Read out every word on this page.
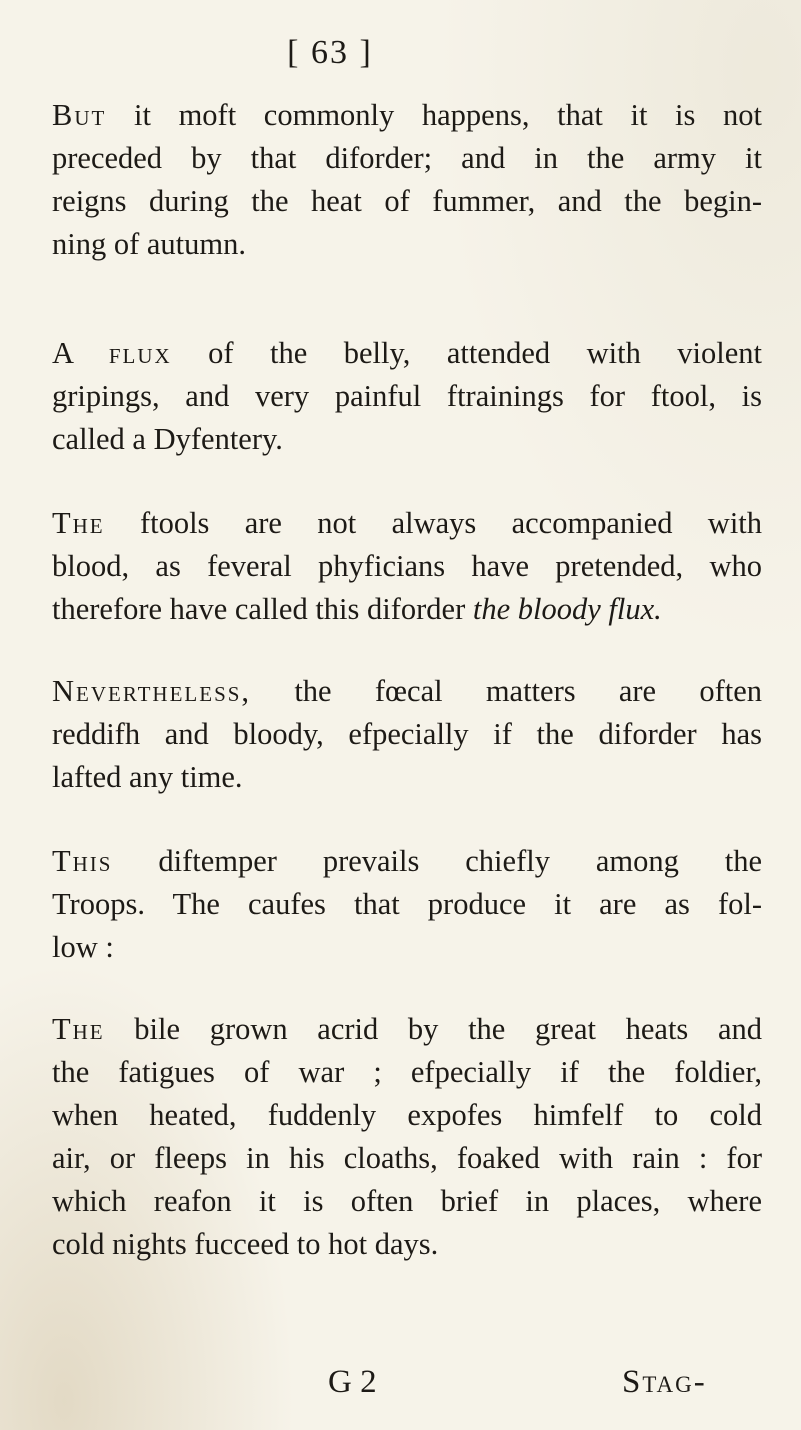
[ 63 ]
But it moft commonly happens, that it is not
preceded by that diforder; and in the army it
reigns during the heat of fummer, and the begin-
ning of autumn.
A flux of the belly, attended with violent
gripings, and very painful ftrainings for ftool, is
called a Dyfentery.
The ftools are not always accompanied with
blood, as feveral phyficians have pretended, who
therefore have called this diforder the bloody flux.
Nevertheless, the fœcal matters are often
reddifh and bloody, efpecially if the diforder has
lafted any time.
This diftemper prevails chiefly among the
Troops. The caufes that produce it are as fol-
low :
The bile grown acrid by the great heats and
the fatigues of war ; efpecially if the foldier,
when heated, fuddenly expofes himfelf to cold
air, or fleeps in his cloaths, foaked with rain : for
which reafon it is often brief in places, where
cold nights fucceed to hot days.
G 2	Stag-
